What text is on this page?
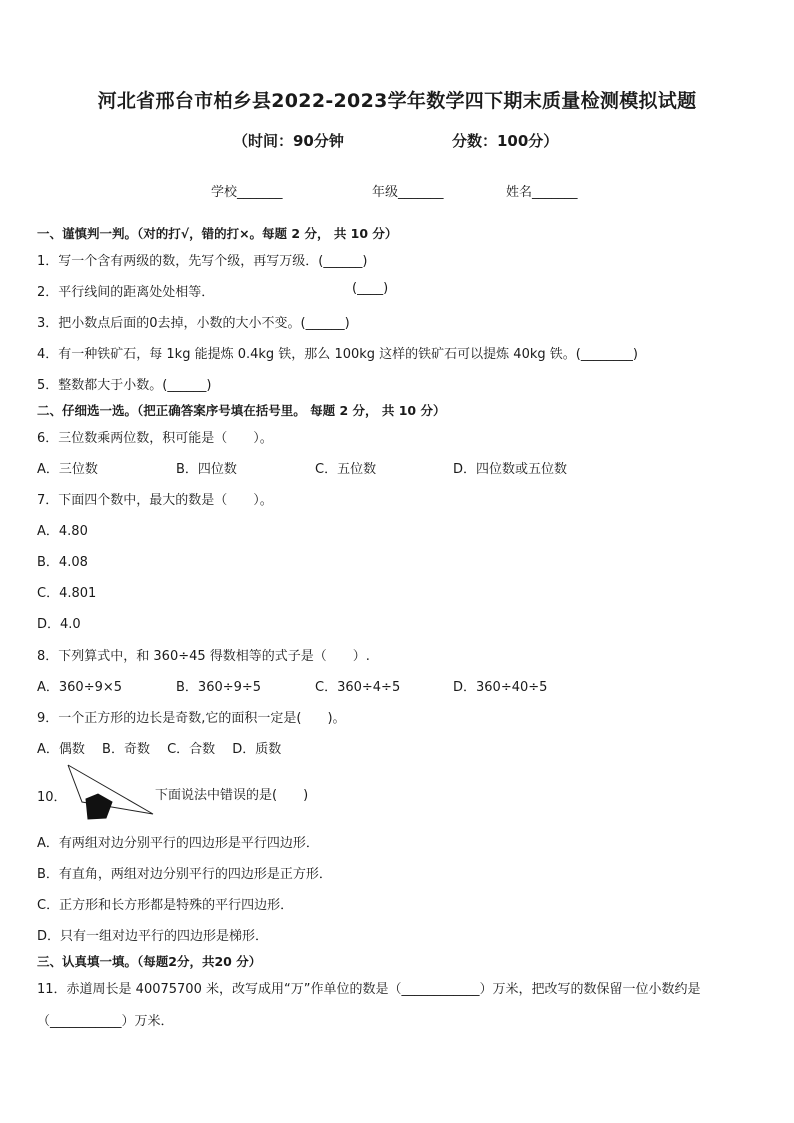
河北省邢台市柏乡县2022-2023学年数学四下期末质量检测模拟试题
（时间：90分钟	分数：100分）
学校_______	年级_______	姓名_______
一、谨慎判一判。（对的打√，错的打×。每题 2 分， 共 10 分）
1．写一个含有两级的数，先写个级，再写万级．(______)
2．平行线间的距离处处相等．	(____)
3．把小数点后面的0去掉，小数的大小不变。(______)
4．有一种铁矿石，每 1kg 能提炼 0.4kg 铁，那么 100kg 这样的铁矿石可以提炼 40kg 铁。(________)
5．整数都大于小数。(______)
二、仔细选一选。（把正确答案序号填在括号里。 每题 2 分， 共 10 分）
6．三位数乘两位数，积可能是（　　）。
A．三位数	B．四位数	C．五位数	D．四位数或五位数
7．下面四个数中，最大的数是（　　）。
A．4.80
B．4.08
C．4.801
D．4.0
8．下列算式中，和 360÷45 得数相等的式子是（　　）.
A．360÷9×5	B．360÷9÷5	C．360÷4÷5	D．360÷40÷5
9．一个正方形的边长是奇数,它的面积一定是(　　)。
A．偶数　 B．奇数　 C．合数　 D．质数
10．	下面说法中错误的是(　　)
A．有两组对边分别平行的四边形是平行四边形．
B．有直角，两组对边分别平行的四边形是正方形．
C．正方形和长方形都是特殊的平行四边形．
D．只有一组对边平行的四边形是梯形．
三、认真填一填。（每题2分，共20 分）
11．赤道周长是 40075700 米，改写成用“万”作单位的数是（____________）万米，把改写的数保留一位小数约是
（___________）万米．
